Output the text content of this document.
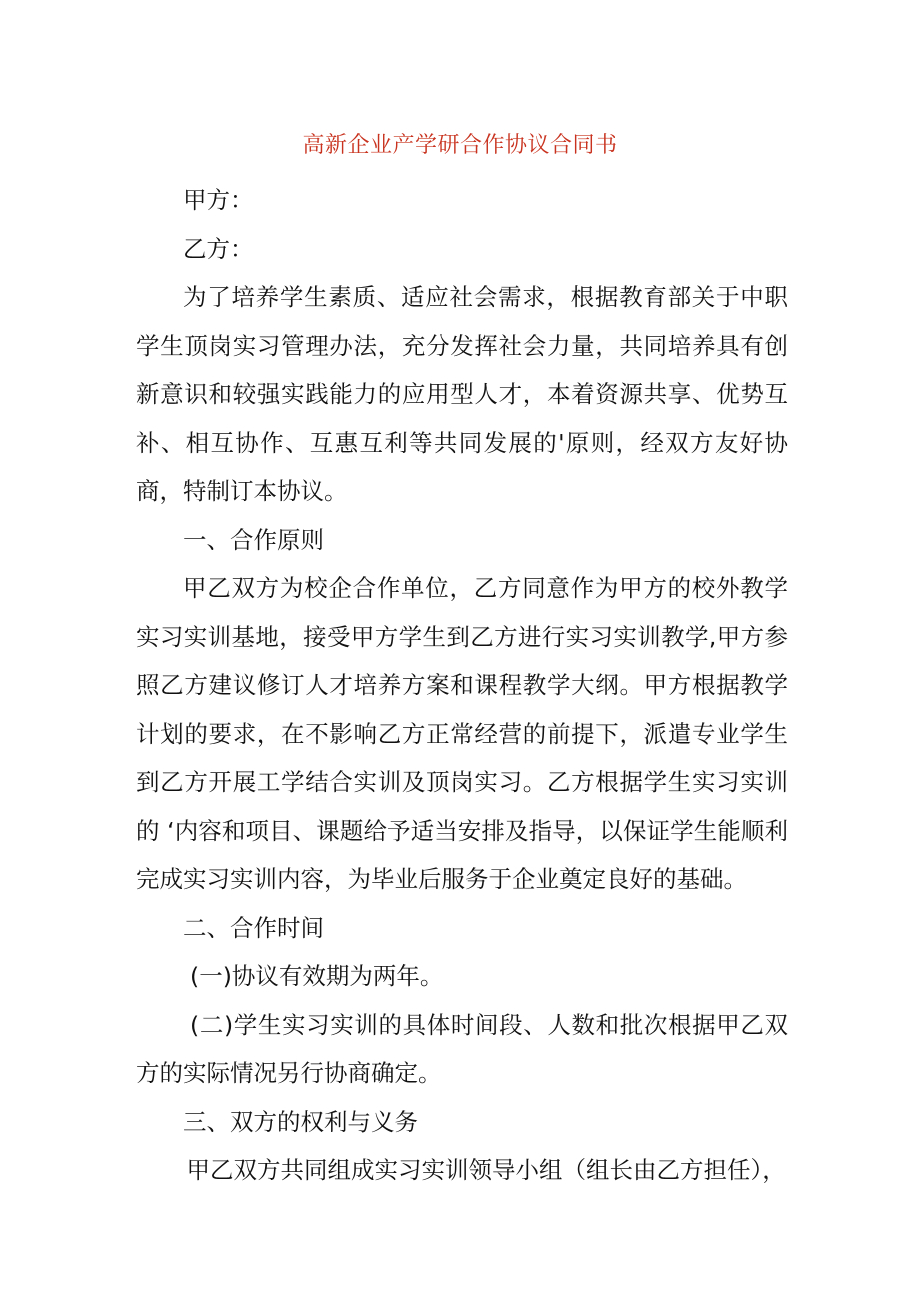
高新企业产学研合作协议合同书

甲方：

乙方：

为了培养学生素质、适应社会需求，根据教育部关于中职学生顶岗实习管理办法，充分发挥社会力量，共同培养具有创新意识和较强实践能力的应用型人才，本着资源共享、优势互补、相互协作、互惠互利等共同发展的'原则，经双方友好协商，特制订本协议。

一、合作原则

甲乙双方为校企合作单位，乙方同意作为甲方的校外教学实习实训基地，接受甲方学生到乙方进行实习实训教学,甲方参照乙方建议修订人才培养方案和课程教学大纲。甲方根据教学计划的要求，在不影响乙方正常经营的前提下，派遣专业学生到乙方开展工学结合实训及顶岗实习。乙方根据学生实习实训的 ‘内容和项目、课题给予适当安排及指导，以保证学生能顺利完成实习实训内容，为毕业后服务于企业奠定良好的基础。

二、合作时间

(一)协议有效期为两年。

(二)学生实习实训的具体时间段、人数和批次根据甲乙双方的实际情况另行协商确定。

三、双方的权利与义务

甲乙双方共同组成实习实训领导小组（组长由乙方担任），
